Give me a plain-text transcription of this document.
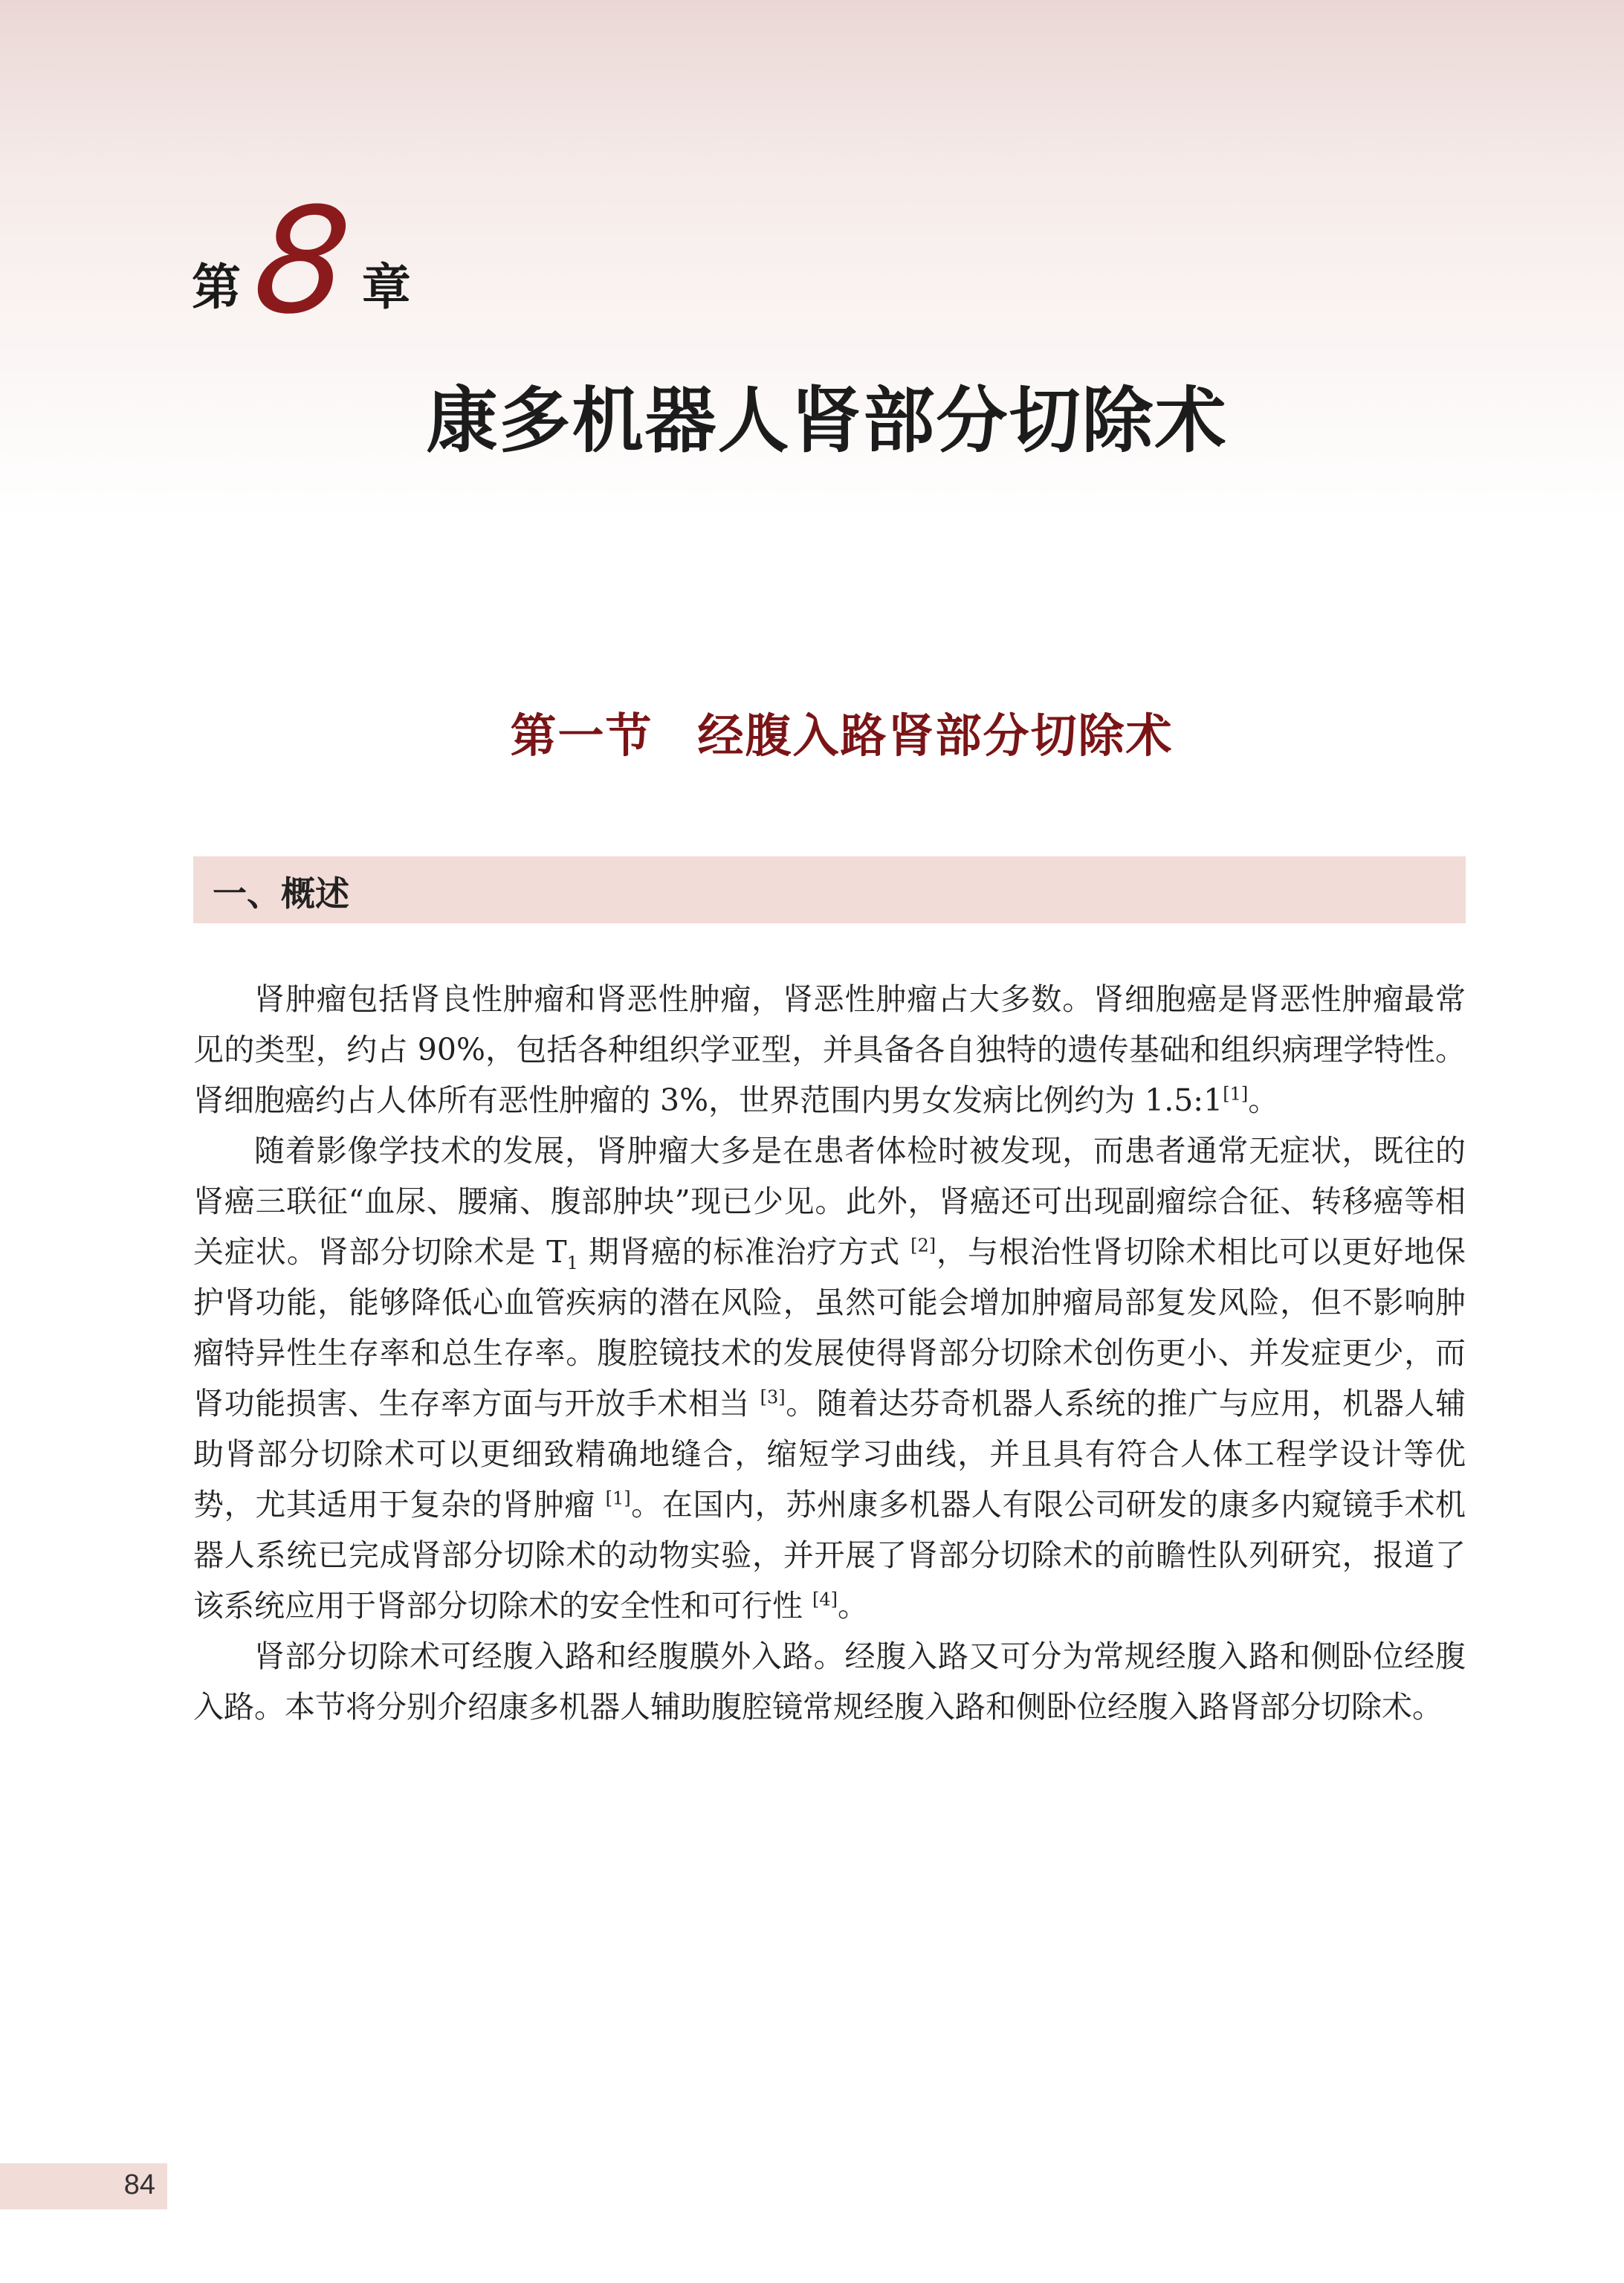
第 8 章
康多机器人肾部分切除术
第一节 经腹入路肾部分切除术
一、概述

肾肿瘤包括肾良性肿瘤和肾恶性肿瘤，肾恶性肿瘤占大多数。肾细胞癌是肾恶性肿瘤最常见的类型，约占 90%，包括各种组织学亚型，并具备各自独特的遗传基础和组织病理学特性。肾细胞癌约占人体所有恶性肿瘤的 3%，世界范围内男女发病比例约为 1.5:1[1]。

随着影像学技术的发展，肾肿瘤大多是在患者体检时被发现，而患者通常无症状，既往的肾癌三联征“血尿、腰痛、腹部肿块”现已少见。此外，肾癌还可出现副瘤综合征、转移癌等相关症状。肾部分切除术是 $T_1$ 期肾癌的标准治疗方式 [2]，与根治性肾切除术相比可以更好地保护肾功能，能够降低心血管疾病的潜在风险，虽然可能会增加肿瘤局部复发风险，但不影响肿瘤特异性生存率和总生存率。腹腔镜技术的发展使得肾部分切除术创伤更小、并发症更少，而肾功能损害、生存率方面与开放手术相当 [3]。随着达芬奇机器人系统的推广与应用，机器人辅助肾部分切除术可以更细致精确地缝合，缩短学习曲线，并且具有符合人体工程学设计等优势，尤其适用于复杂的肾肿瘤 [1]。在国内，苏州康多机器人有限公司研发的康多内窥镜手术机器人系统已完成肾部分切除术的动物实验，并开展了肾部分切除术的前瞻性队列研究，报道了该系统应用于肾部分切除术的安全性和可行性 [4]。

肾部分切除术可经腹入路和经腹膜外入路。经腹入路又可分为常规经腹入路和侧卧位经腹入路。本节将分别介绍康多机器人辅助腹腔镜常规经腹入路和侧卧位经腹入路肾部分切除术。

84
